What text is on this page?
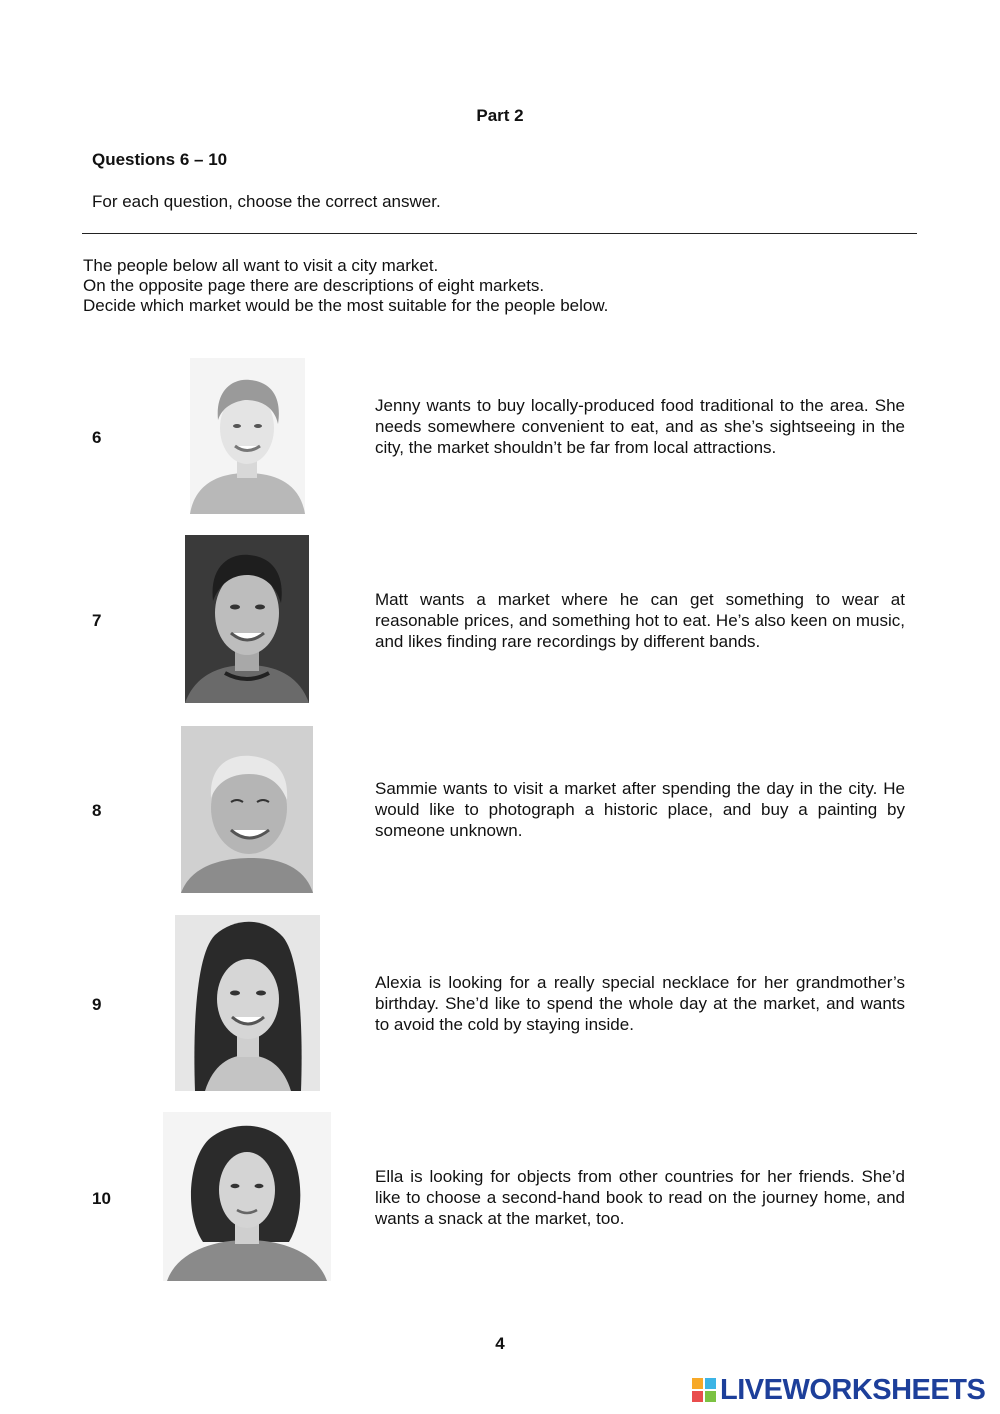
Part 2
Questions 6 – 10
For each question, choose the correct answer.
The people below all want to visit a city market.
On the opposite page there are descriptions of eight markets.
Decide which market would be the most suitable for the people below.
6
Jenny wants to buy locally-produced food traditional to the area. She needs somewhere convenient to eat, and as she’s sightseeing in the city, the market shouldn’t be far from local attractions.
7
Matt wants a market where he can get something to wear at reasonable prices, and something hot to eat. He’s also keen on music, and likes finding rare recordings by different bands.
8
Sammie wants to visit a market after spending the day in the city. He would like to photograph a historic place, and buy a painting by someone unknown.
9
Alexia is looking for a really special necklace for her grandmother’s birthday. She’d like to spend the whole day at the market, and wants to avoid the cold by staying inside.
10
Ella is looking for objects from other countries for her friends. She’d like to choose a second-hand book to read on the journey home, and wants a snack at the market, too.
4
LIVEWORKSHEETS
